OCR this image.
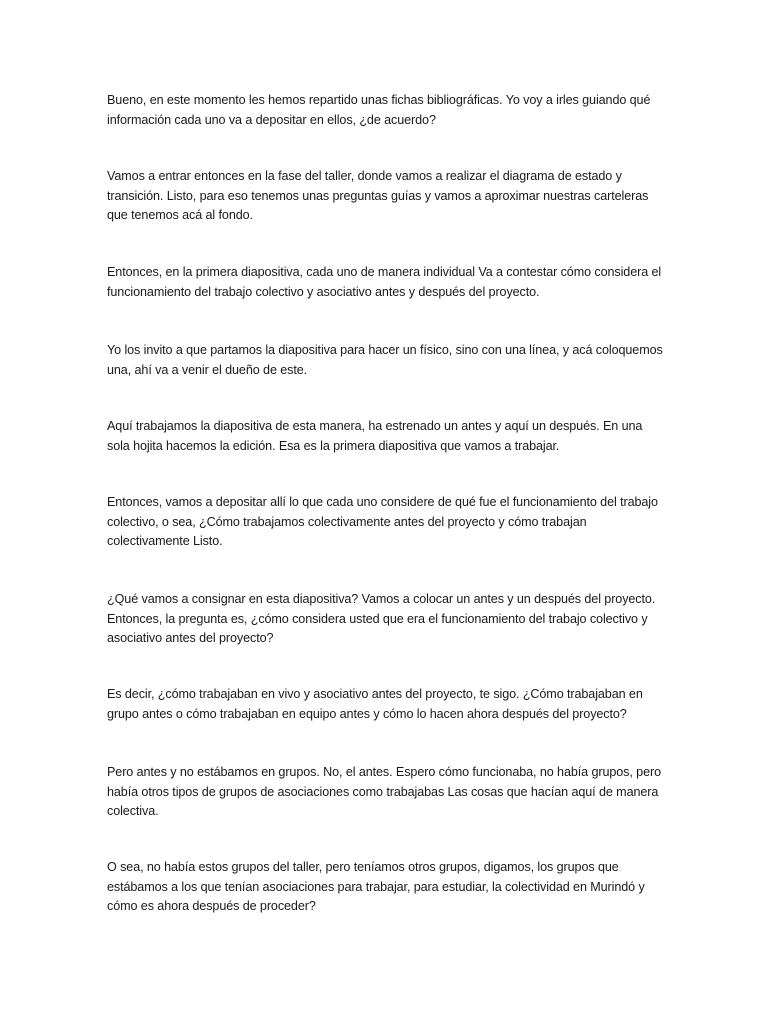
Bueno, en este momento les hemos repartido unas fichas bibliográficas. Yo voy a irles guiando qué información cada uno va a depositar en ellos, ¿de acuerdo?

Vamos a entrar entonces en la fase del taller, donde vamos a realizar el diagrama de estado y transición. Listo, para eso tenemos unas preguntas guías y vamos a aproximar nuestras carteleras que tenemos acá al fondo.

Entonces, en la primera diapositiva, cada uno de manera individual Va a contestar cómo considera el funcionamiento del trabajo colectivo y asociativo antes y después del proyecto.

Yo los invito a que partamos la diapositiva para hacer un físico, sino con una línea, y acá coloquemos una, ahí va a venir el dueño de este.

Aquí trabajamos la diapositiva de esta manera, ha estrenado un antes y aquí un después. En una sola hojita hacemos la edición. Esa es la primera diapositiva que vamos a trabajar.

Entonces, vamos a depositar allí lo que cada uno considere de qué fue el funcionamiento del trabajo colectivo, o sea, ¿Cómo trabajamos colectivamente antes del proyecto y cómo trabajan colectivamente Listo.

¿Qué vamos a consignar en esta diapositiva? Vamos a colocar un antes y un después del proyecto. Entonces, la pregunta es, ¿cómo considera usted que era el funcionamiento del trabajo colectivo y asociativo antes del proyecto?

Es decir, ¿cómo trabajaban en vivo y asociativo antes del proyecto, te sigo. ¿Cómo trabajaban en grupo antes o cómo trabajaban en equipo antes y cómo lo hacen ahora después del proyecto?

Pero antes y no estábamos en grupos. No, el antes. Espero cómo funcionaba, no había grupos, pero había otros tipos de grupos de asociaciones como trabajabas Las cosas que hacían aquí de manera colectiva.

O sea, no había estos grupos del taller, pero teníamos otros grupos, digamos, los grupos que estábamos a los que tenían asociaciones para trabajar, para estudiar, la colectividad en Murindó y cómo es ahora después de proceder?
